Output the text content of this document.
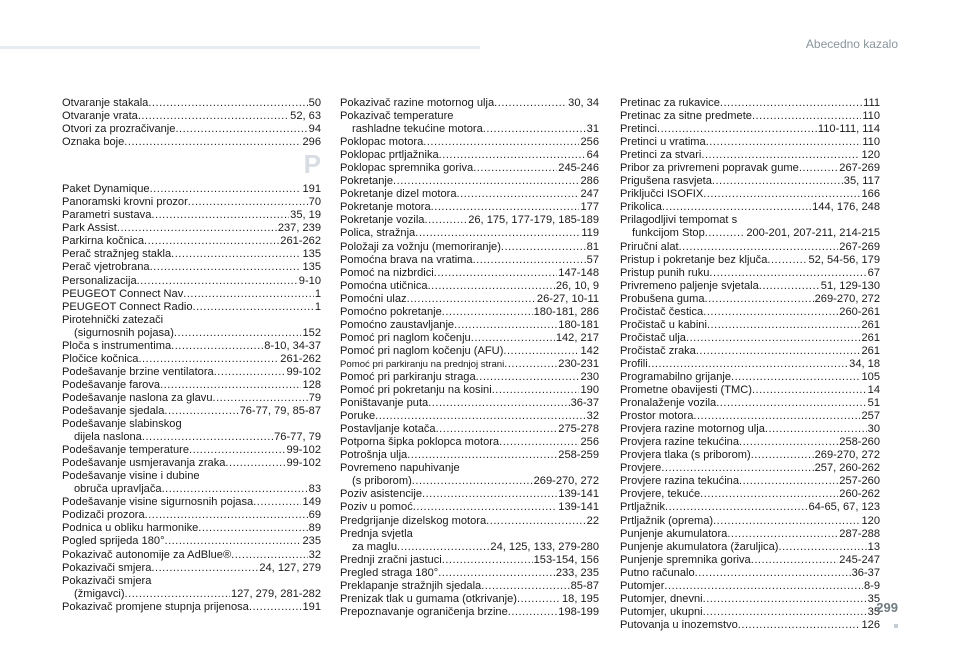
Abecedno kazalo
Otvaranje stakala .....	50
Otvaranje vrata .....	52, 63
Otvori za prozračivanje .....	94
Oznaka boje .....	296
P
Paket Dynamique .....	191
Panoramski krovni prozor .....	70
Parametri sustava .....	35, 19
Park Assist .....	237, 239
Parkirna kočnica .....	261-262
Perač stražnjeg stakla .....	135
Perač vjetrobrana .....	135
Personalizacija .....	9-10
PEUGEOT Connect Nav .....	1
PEUGEOT Connect Radio .....	1
Pirotehnički zatezači
(sigurnosnih pojasa) .....	152
Ploča s instrumentima .....	8-10, 34-37
Pločice kočnica .....	261-262
Podešavanje brzine ventilatora .....	99-102
Podešavanje farova .....	128
Podešavanje naslona za glavu .....	79
Podešavanje sjedala .....	76-77, 79, 85-87
Podešavanje slabinskog
dijela naslona .....	76-77, 79
Podešavanje temperature .....	99-102
Podešavanje usmjeravanja zraka .....	99-102
Podešavanje visine i dubine
obruča upravljača .....	83
Podešavanje visine sigurnosnih pojasa .....	149
Podizači prozora .....	69
Podnica u obliku harmonike .....	89
Pogled sprijeda 180° .....	235
Pokazivač autonomije za AdBlue® .....	32
Pokazivači smjera .....	24, 127, 279
Pokazivači smjera
(žmigavci) .....	127, 279, 281-282
Pokazivač promjene stupnja prijenosa .....	191
Pokazivač razine motornog ulja .....	30, 34
Pokazivač temperature
rashladne tekućine motora .....	31
Poklopac motora .....	256
Poklopac prtljažnika .....	64
Poklopac spremnika goriva .....	245-246
Pokretanje .....	286
Pokretanje dizel motora .....	247
Pokretanje motora .....	177
Pokretanje vozila .....	26, 175, 177-179, 185-189
Polica, stražnja .....	119
Položaji za vožnju (memoriranje) .....	81
Pomoćna brava na vratima .....	57
Pomoć na nizbrdici .....	147-148
Pomoćna utičnica .....	26, 10, 9
Pomoćni ulaz .....	26-27, 10-11
Pomoćno pokretanje .....	180-181, 286
Pomoćno zaustavljanje .....	180-181
Pomoć pri naglom kočenju .....	142, 217
Pomoć pri naglom kočenju (AFU) .....	142
Pomoć pri parkiranju na prednjoj strani .....	230-231
Pomoć pri parkiranju straga .....	230
Pomoć pri pokretanju na kosini .....	190
Poništavanje puta .....	36-37
Poruke .....	32
Postavljanje kotača .....	275-278
Potporna šipka poklopca motora .....	256
Potrošnja ulja .....	258-259
Povremeno napuhivanje
(s priborom) .....	269-270, 272
Poziv asistencije .....	139-141
Poziv u pomoć .....	139-141
Predgrijanje dizelskog motora .....	22
Prednja svjetla
za maglu .....	24, 125, 133, 279-280
Prednji zračni jastuci .....	153-154, 156
Pregled straga 180° .....	233, 235
Preklapanje stražnjih sjedala .....	85-87
Prenizak tlak u gumama (otkrivanje) .....	18, 195
Prepoznavanje ograničenja brzine .....	198-199
Pretinac za rukavice .....	111
Pretinac za sitne predmete .....	110
Pretinci .....	110-111, 114
Pretinci u vratima .....	110
Pretinci za stvari .....	120
Pribor za privremeni popravak gume .....	267-269
Prigušena rasvjeta .....	35, 117
Priključci ISOFIX .....	166
Prikolica .....	144, 176, 248
Prilagodljivi tempomat s
funkcijom Stop .....	200-201, 207-211, 214-215
Priručni alat .....	267-269
Pristup i pokretanje bez ključa .....	52, 54-56, 179
Pristup punih ruku .....	67
Privremeno paljenje svjetala .....	51, 129-130
Probušena guma .....	269-270, 272
Pročistač čestica .....	260-261
Pročistač u kabini .....	261
Pročistač ulja .....	261
Pročistač zraka .....	261
Profili .....	34, 18
Programabilno grijanje .....	105
Prometne obavijesti (TMC) .....	14
Pronalaženje vozila .....	51
Prostor motora .....	257
Provjera razine motornog ulja .....	30
Provjera razine tekućina .....	258-260
Provjera tlaka (s priborom) .....	269-270, 272
Provjere .....	257, 260-262
Provjere razina tekućina .....	257-260
Provjere, tekuće .....	260-262
Prtljažnik .....	64-65, 67, 123
Prtljažnik (oprema) .....	120
Punjenje akumulatora .....	287-288
Punjenje akumulatora (žaruljica) .....	13
Punjenje spremnika goriva .....	245-247
Putno računalo .....	36-37
Putomjer .....	8-9
Putomjer, dnevni .....	35
Putomjer, ukupni .....	35
Putovanja u inozemstvo .....	126
299
